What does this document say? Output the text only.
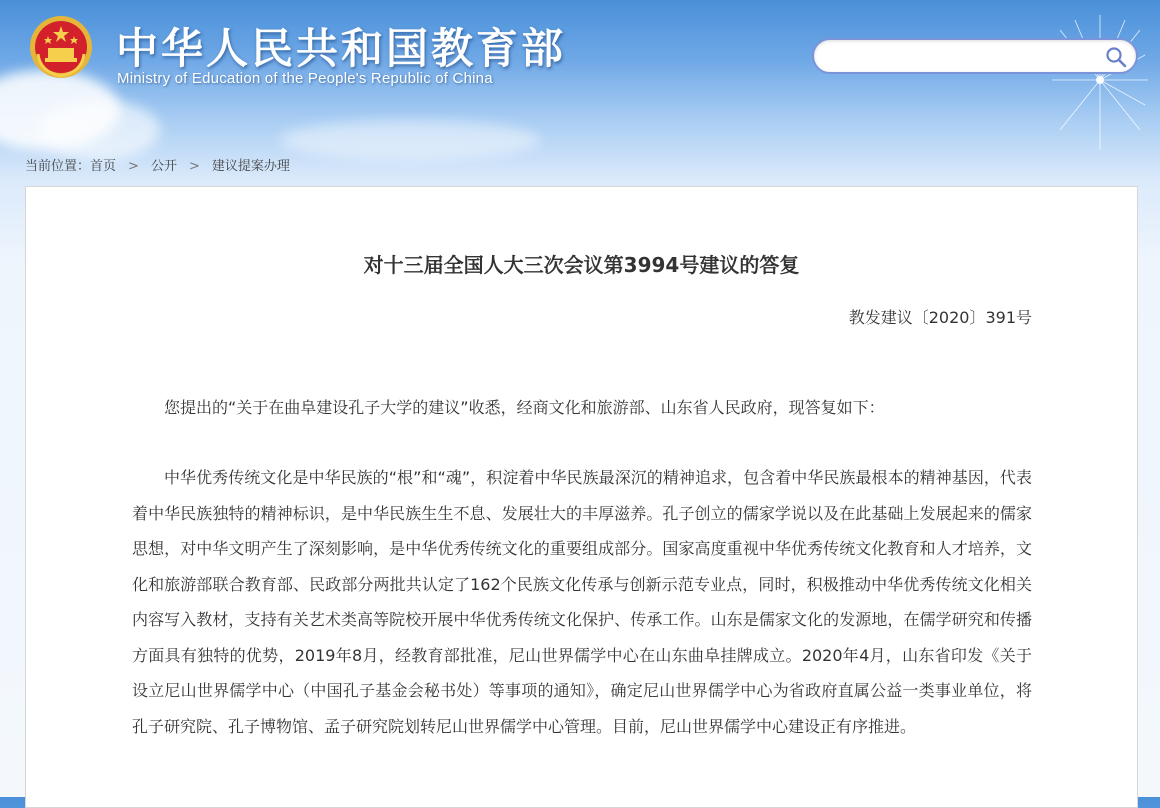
中华人民共和国教育部
Ministry of Education of the People's Republic of China
当前位置：首页 > 公开 > 建议提案办理
对十三届全国人大三次会议第3994号建议的答复
教发建议〔2020〕391号

您提出的“关于在曲阜建设孔子大学的建议”收悉，经商文化和旅游部、山东省人民政府，现答复如下：

中华优秀传统文化是中华民族的“根”和“魂”，积淀着中华民族最深沉的精神追求，包含着中华民族最根本的精神基因，代表着中华民族独特的精神标识，是中华民族生生不息、发展壮大的丰厚滋养。孔子创立的儒家学说以及在此基础上发展起来的儒家思想，对中华文明产生了深刻影响，是中华优秀传统文化的重要组成部分。国家高度重视中华优秀传统文化教育和人才培养，文化和旅游部联合教育部、民政部分两批共认定了162个民族文化传承与创新示范专业点，同时，积极推动中华优秀传统文化相关内容写入教材，支持有关艺术类高等院校开展中华优秀传统文化保护、传承工作。山东是儒家文化的发源地，在儒学研究和传播方面具有独特的优势，2019年8月，经教育部批准，尼山世界儒学中心在山东曲阜挂牌成立。2020年4月，山东省印发《关于设立尼山世界儒学中心（中国孔子基金会秘书处）等事项的通知》，确定尼山世界儒学中心为省政府直属公益一类事业单位，将孔子研究院、孔子博物馆、孟子研究院划转尼山世界儒学中心管理。目前，尼山世界儒学中心建设正有序推进。
